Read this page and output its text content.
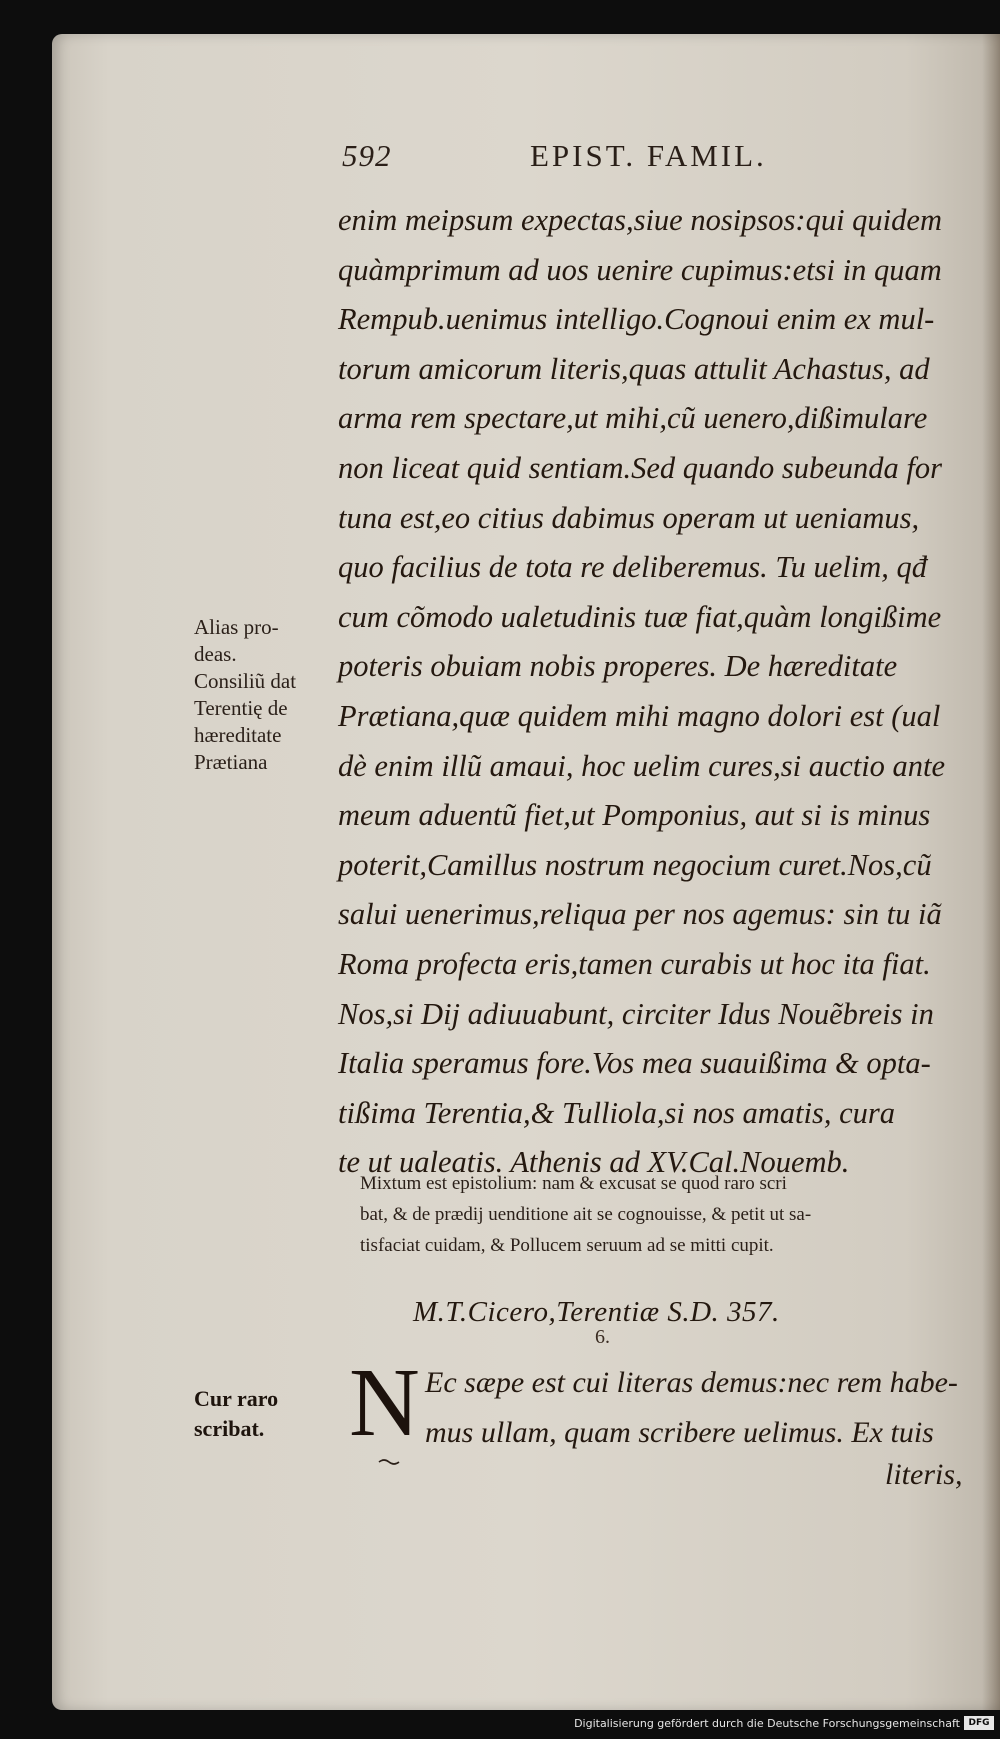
592	EPIST. FAMIL.
enim meipsum expectas,siue nosipsos:qui quidem
quàmprimum ad uos uenire cupimus:etsi in quam
Rempub.uenimus intelligo.Cognoui enim ex mul-
torum amicorum literis,quas attulit Achastus, ad
arma rem spectare,ut mihi,cũ uenero,dißimulare
non liceat quid sentiam.Sed quando subeunda for
tuna est,eo citius dabimus operam ut ueniamus,
quo facilius de tota re deliberemus. Tu uelim, qđ
cum cõmodo ualetudinis tuæ fiat,quàm longißime
poteris obuiam nobis properes. De hæreditate
Prætiana,quæ quidem mihi magno dolori est (ual
dè enim illũ amaui, hoc uelim cures,si auctio ante
meum aduentũ fiet,ut Pomponius, aut si is minus
poterit,Camillus nostrum negocium curet.Nos,cũ
salui uenerimus,reliqua per nos agemus: sin tu iã
Roma profecta eris,tamen curabis ut hoc ita fiat.
Nos,si Dij adiuuabunt, circiter Idus Nouẽbreis in
Italia speramus fore.Vos mea suauißima & opta-
tißima Terentia,& Tulliola,si nos amatis, cura
te ut ualeatis. Athenis ad XV.Cal.Nouemb.
Alias pro-
deas.
Consiliũ dat
Terentię de
hæreditate
Prætiana
Mixtum est epistolium: nam & excusat se quod raro scri
bat, & de prædij uenditione ait se cognouisse, & petit ut sa-
tisfaciat cuidam, & Pollucem seruum ad se mitti cupit.
M.T.Cicero,Terentiæ S.D. 357.
6.
N Ec sæpe est cui literas demus:nec rem habe-
mus ullam, quam scribere uelimus. Ex tuis
literis,
Cur raro
scribat.
Digitalisierung gefördert durch die Deutsche Forschungsgemeinschaft DFG
